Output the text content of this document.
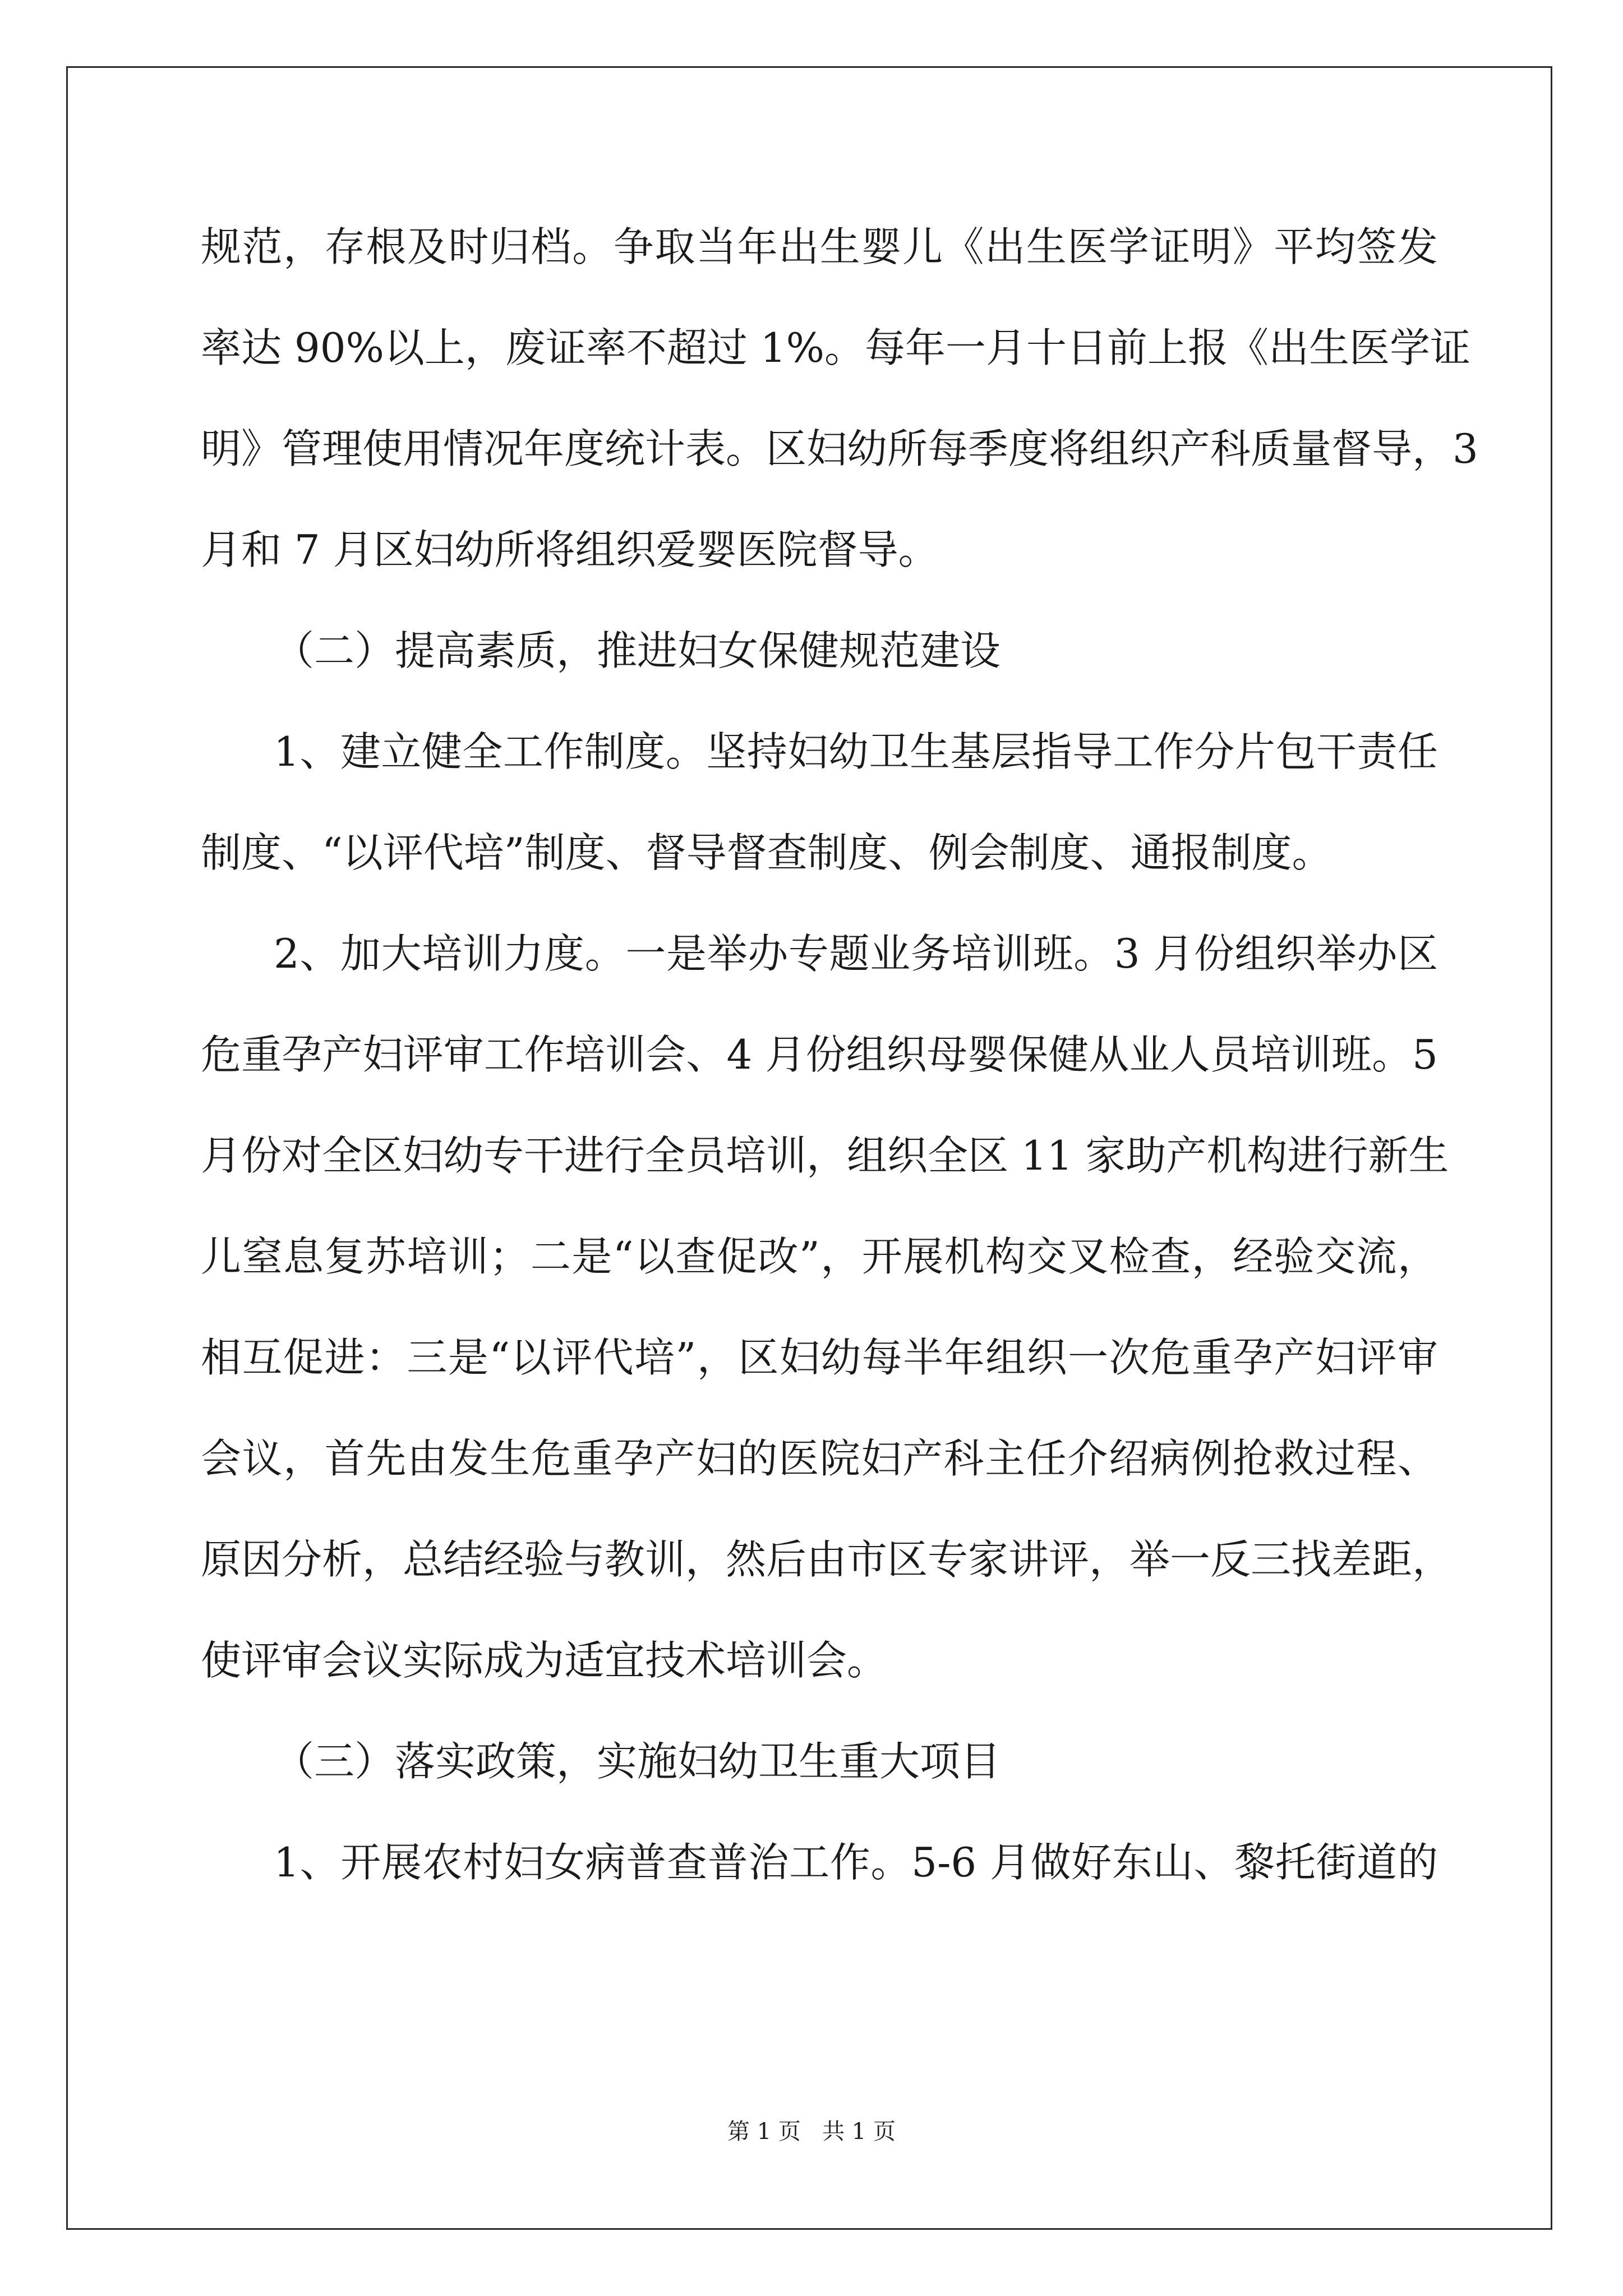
规范，存根及时归档。争取当年出生婴儿《出生医学证明》平均签发
率达 90%以上，废证率不超过 1%。每年一月十日前上报《出生医学证
明》管理使用情况年度统计表。区妇幼所每季度将组织产科质量督导，3
月和 7 月区妇幼所将组织爱婴医院督导。
（二）提高素质，推进妇女保健规范建设
1、建立健全工作制度。坚持妇幼卫生基层指导工作分片包干责任
制度、“以评代培”制度、督导督查制度、例会制度、通报制度。
2、加大培训力度。一是举办专题业务培训班。3 月份组织举办区
危重孕产妇评审工作培训会、4 月份组织母婴保健从业人员培训班。5
月份对全区妇幼专干进行全员培训，组织全区 11 家助产机构进行新生
儿窒息复苏培训；二是“以查促改”，开展机构交叉检查，经验交流，
相互促进：三是“以评代培”，区妇幼每半年组织一次危重孕产妇评审
会议，首先由发生危重孕产妇的医院妇产科主任介绍病例抢救过程、
原因分析，总结经验与教训，然后由市区专家讲评，举一反三找差距，
使评审会议实际成为适宜技术培训会。
（三）落实政策，实施妇幼卫生重大项目
1、开展农村妇女病普查普治工作。5-6 月做好东山、黎托街道的
第 1 页   共 1 页
